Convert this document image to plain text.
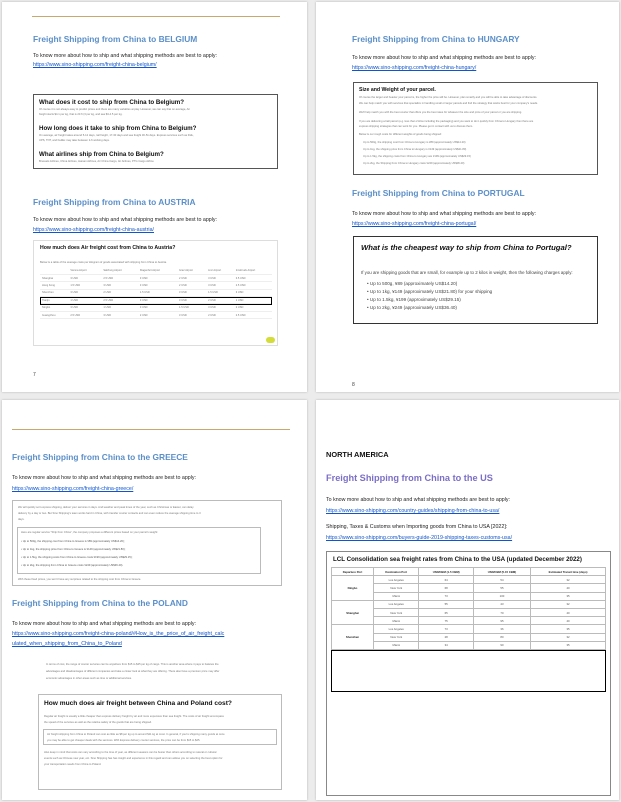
Freight Shipping from China to BELGIUM
To know more about how to ship and what shipping methods are best to apply:
https://www.sino-shipping.com/freight-china-belgium/
What does it cost to ship from China to Belgium?
Of course it is not always easy to predict prices and there are many variables at play. However, we can say that on average, Air
freight starts $4.1 per kg, that is 23.6 (3 per kg, and sea $3-4.5 per kg.
How long does it take to ship from China to Belgium?
On average, air freight takes around 5-12 days, rail freight, 17-30 days and sea freight 30-51 days. Express services such as DHL,
UPS, TNT, and FedEx may take between 2-6 working days.
What airlines ship from China to Belgium?
Brussels Airlines, China Airlines, Hainan Airlines, Air China Cargo, Air Airlines, PTG Cargo Airline
Freight Shipping from China to AUSTRIA
To know more about how to ship and what shipping methods are best to apply:
https://www.sino-shipping.com/freight-china-austria/
How much does Air freight cost from China to Austria?
Below is a table of the average costs per kilogram of goods associated with shipping from China to Austria.
	Vienna Airport	Salzburg Airport	Klagenfurt Airport	Graz Airport	Linz Airport	Innsbruck Airport
Shanghai	3 USD	2.5 USD	3 USD	2 USD	3 USD	3.5 USD
Hong Kong	1.5 USD	3 USD	3 USD	2 USD	3 USD	2.5 USD
Shenzhen	3 USD	2 USD	1.5 USD	3 USD	1.5 USD	3 USD
Tianjin	1 USD	2.5 USD	3 USD	3 USD	2 USD	1 USD
Ningbo	3 USD	1 USD	3 USD	1.5 USD	3 USD	2 USD
Guangzhou	2.5 USD	3 USD	2 USD	3 USD	2 USD	2.5 USD
7
Freight Shipping from China to HUNGARY
To know more about how to ship and what shipping methods are best to apply:
https://www.sino-shipping.com/freight-china-hungary/
Size and Weight of your parcel.
Of course the larger and heavier your parcel is, the higher the price will be. However, plan smartly and you will be able to take advantage of discounts.
We can help match you with services that specialize in handling small or larger parcels and find the strategy that works best for your company's needs.
We'll help match you with the best courier that offers you the best rates for whatever the size and price of your parcel or you are shipping.
If you are delivering a ball parcel (e.g. less than 2 kilos including the packaging) and you want to do it quickly from China to Hungary then there are
express shipping strategies that can work for you. Please get in contact with us to discuss them.
Below is our rough costs for different weights of goods being shipped:
Up to 500g, the shipping cost from China to Hungary is ¥89 (approximately US$14.20)
Up to 1kg, the shipping price from China to Hungary is ¥149 (approximately US$21.80)
Up to 1.5kg, the shipping costs from China to Hungary are ¥199 (approximately US$29.15)
Up to 2kg, the Shipping from China to Hungary costs ¥249 (approximately US$36.40)
Freight Shipping from China to PORTUGAL
To know more about how to ship and what shipping methods are best to apply:
https://www.sino-shipping.com/freight-china-portugal/
What is the cheapest way to ship from China to Portugal?
If you are shipping goods that are small, for example up to 2 kilos in weight, then the following charges apply:
• Up to 500g, ¥89 (approximately US$14.20)
• Up to 1kg, ¥149 (approximately US$21.80) for your shipping
• Up to 1.5kg, ¥199 (approximately US$29.15)
• Up to 2kg, ¥249 (approximately US$36.40)
8
Freight Shipping from China to the GREECE
To know more about how to ship and what shipping methods are best to apply:
https://www.sino-shipping.com/freight-china-greece/
We will quickly sort express shipping, deliver your services in days. And weather and peak times of the year, such as Christmas or Easter, can delay
delivery by a day or two. But Sino Shipping's team works hard in China, with transfer courier contacts and can even reduce the average shipping time to 3
days.
Here are regular service "Ship from China", the company proposes a different prices based on your parcel's weight:
• Up to 500g, the shipping cost from China to Greece is ¥89 (approximately US$14.20);
• Up to 1kg, the shipping price from China to Greece is ¥149 (approximately US$21.80);
• Up to 1.5kg, the shipping costs from China to Greece costs ¥199 (approximately US$29.15);
• Up to 2kg, the shipping from China to Greece costs ¥249 (approximately US$36.40).
With these fixed prices, you won't have any surprises related to the shipping cost from China to Greece.
Freight Shipping from China to the POLAND
To know more about how to ship and what shipping methods are best to apply:
https://www.sino-shipping.com/freight-china-poland/#How_is_the_price_of_air_freight_calc
ulated_when_shipping_from_China_to_Poland
In terms of cost, the range of courier services can be anywhere from $15 to $25 per kg of cargo. This is another area where it pays to balance the
advantages and disadvantages of different companies and take a closer look at what they are offering. There also have a premium price may offer
economic advantages in other areas such as time or additional services.
How much does air freight between China and Poland cost?
Regular air freight is usually a little cheaper than express delivery freight by air and more expensive than sea freight. The costs of air freight encompass
the speed of the services as well as the relative safety of the goods that are being shipped.
Air freight shipping from China to Poland can cost as little as $8 per kg up to around $11 kg at most. In general, if you're shipping many goods at once
you may be able to get cheaper deals with the services. With Express delivery courier services, the price can be from $15 to $25.
Also keep in mind that costs can vary according to the time of year, as different seasons can be busier than others according to natural or cultural
events such as Chinese new year, etc. Sino Shipping has has insight and experience in this regard and can advise you on selecting the best option for
your transportation needs from China to Poland.
NORTH AMERICA
Freight Shipping from China to the US
To know more about how to ship and what shipping methods are best to apply:
https://www.sino-shipping.com/country-guides/shipping-from-china-to-usa/
Shipping, Taxes & Customs when Importing goods from China to USA [2022]:
https://www.sino-shipping.com/buyers-guide-2019-shipping-taxes-customs-usa/
LCL Consolidation sea freight rates from China to the USA (updated December 2022)
Departure Port	Destination Port	USD/CBM (1-5 CBM)	USD/CBM (5-15 CBM)	Estimated Transit time (days)
Ningbo	Los Angeles	64	54	32
	New York	68	55	40
	Miami	73	100	35
Shanghai	Los Angeles	55	43	32
	New York	65	70	40
	Miami	75	95	40
Shenzhen	Los Angeles	73	36	35
	New York	28	80	32
	Miami	34	90	35
